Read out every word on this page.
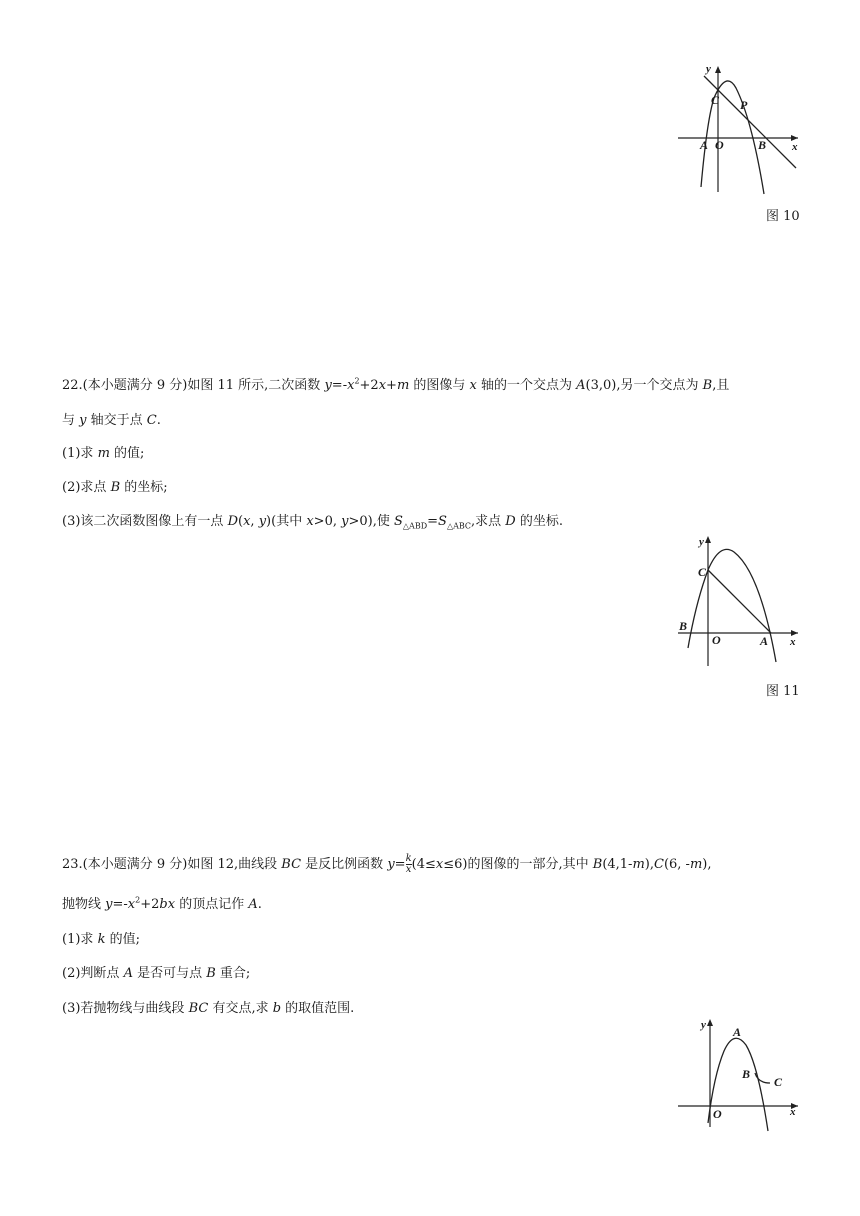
y
x
C P
A O	B
图 10
22.(本小题满分 9 分)如图 11 所示,二次函数 $y=-x^2+2x+m$ 的图像与 x 轴的一个交点为 A(3,0),另一个交点为 B,且
与 y 轴交于点 C.
(1)求 m 的值;
(2)求点 B 的坐标;
(3)该二次函数图像上有一点 D(x, y)(其中 x>0, y>0),使 $S_{\triangle ABD}=S_{\triangle ABC}$,求点 D 的坐标.
y
x
C
B
O	A
图 11
23.(本小题满分 9 分)如图 12,曲线段 BC 是反比例函数 $y= \frac{k}{x} (4\le x\le 6)$的图像的一部分,其中 B(4,1-m),C(6, -m),
抛物线 $y=-x^2+2bx$ 的顶点记作 A.
(1)求 k 的值;
(2)判断点 A 是否可与点 B 重合;
(3)若抛物线与曲线段 BC 有交点,求 b 的取值范围.
y
x
A
B
C
O
